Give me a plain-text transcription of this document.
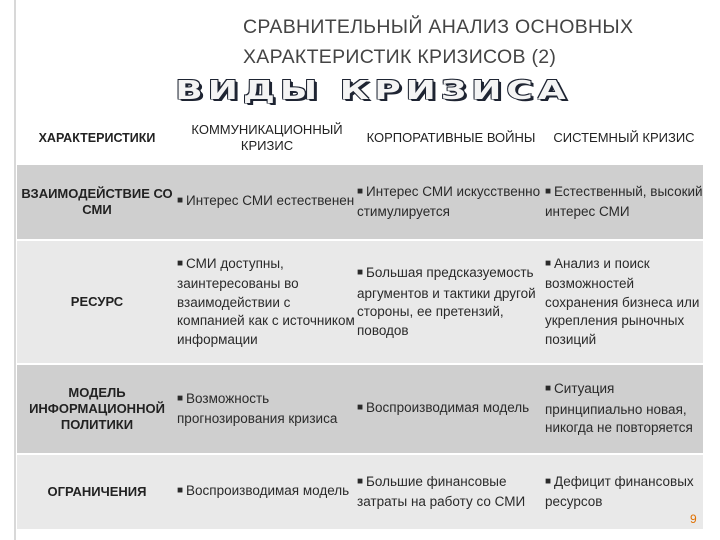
СРАВНИТЕЛЬНЫЙ АНАЛИЗ ОСНОВНЫХ
ХАРАКТЕРИСТИК КРИЗИСОВ (2)
ВИДЫ КРИЗИСА
ХАРАКТЕРИСТИКИ	КОММУНИКАЦИОННЫЙ КРИЗИС	КОРПОРАТИВНЫЕ ВОЙНЫ	СИСТЕМНЫЙ КРИЗИС
ВЗАИМОДЕЙСТВИЕ СО СМИ	■ Интерес СМИ естественен	■ Интерес СМИ искусственно стимулируется	■ Естественный, высокий интерес СМИ
РЕСУРС	■ СМИ доступны, заинтересованы во взаимодействии с компанией как с источником информации	■ Большая предсказуемость аргументов и тактики другой стороны, ее претензий, поводов	■ Анализ и поиск возможностей сохранения бизнеса или укрепления рыночных позиций
МОДЕЛЬ ИНФОРМАЦИОННОЙ ПОЛИТИКИ	■ Возможность прогнозирования кризиса	■ Воспроизводимая модель	■ Ситуация принципиально новая, никогда не повторяется
ОГРАНИЧЕНИЯ	■ Воспроизводимая модель	■ Большие финансовые затраты на работу со СМИ	■ Дефицит финансовых ресурсов
9
